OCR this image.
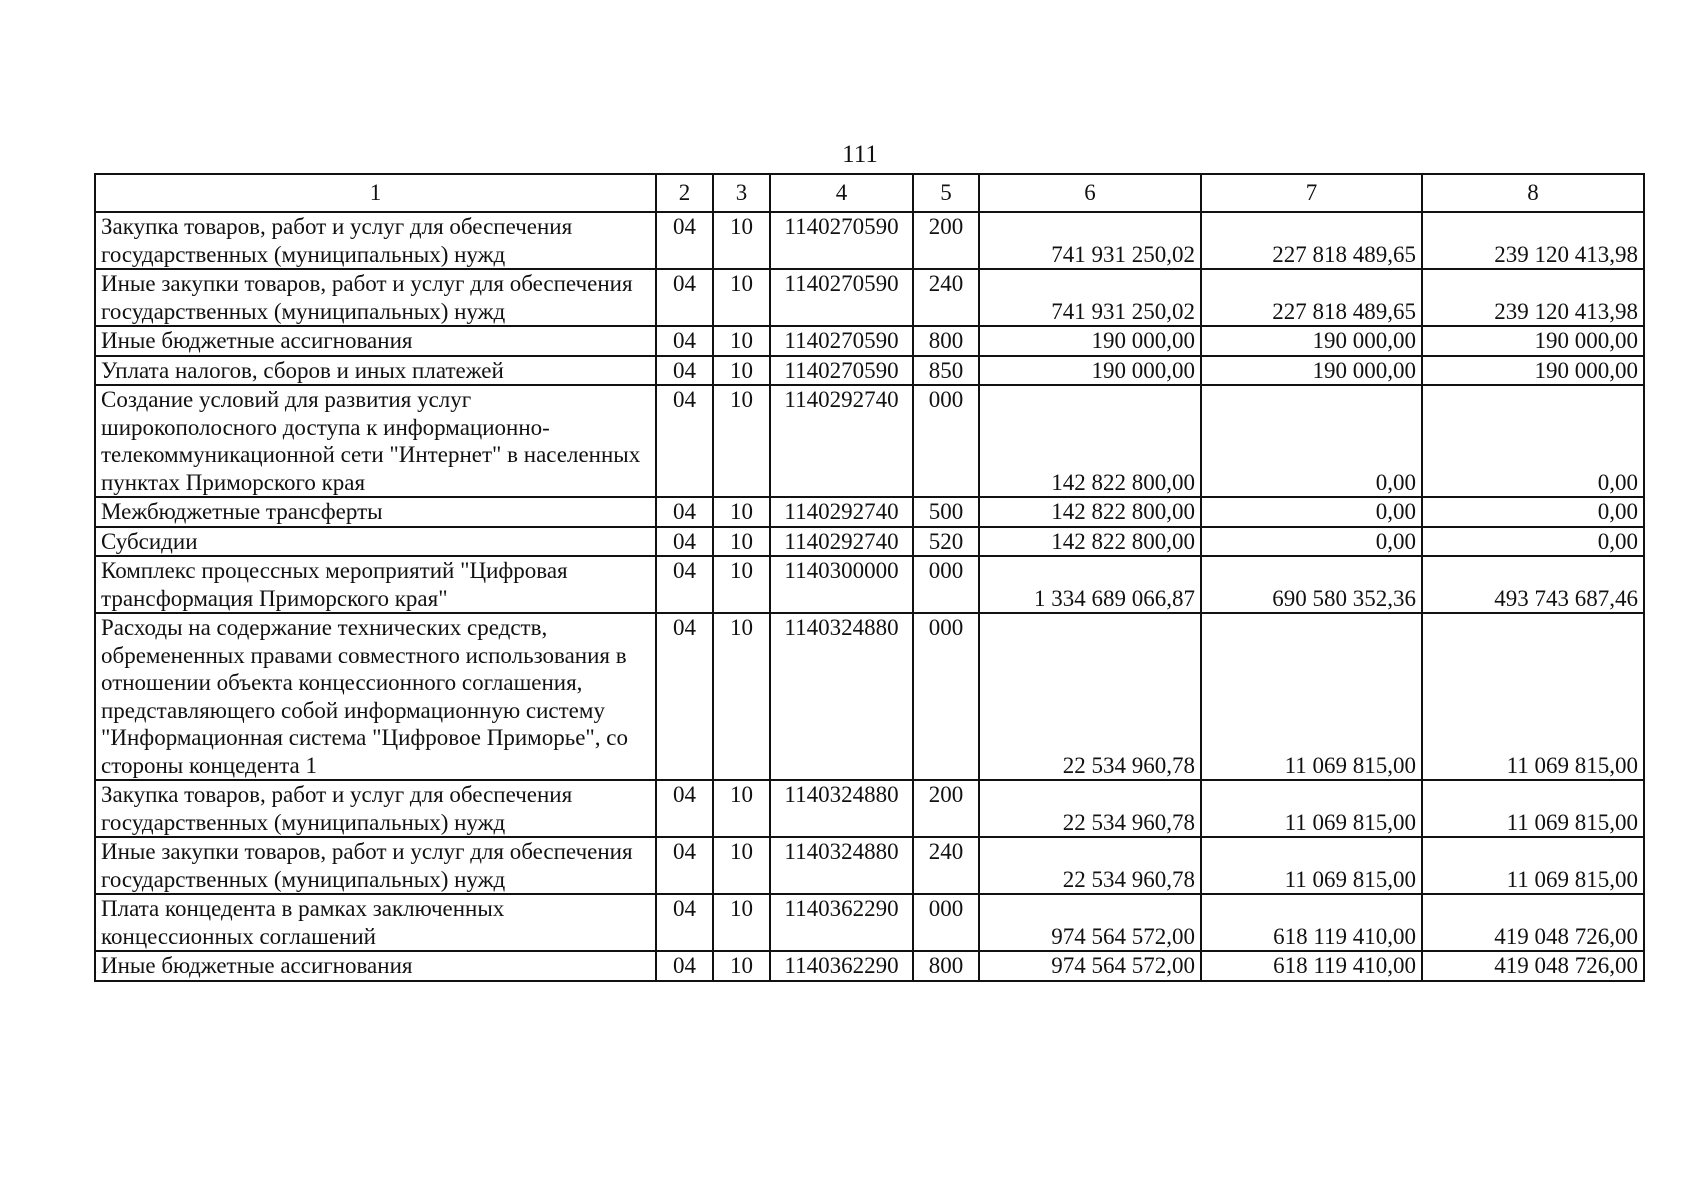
111
1	2	3	4	5	6	7	8
Закупка товаров, работ и услуг для обеспечения государственных (муниципальных) нужд	04	10	1140270590	200	741 931 250,02	227 818 489,65	239 120 413,98
Иные закупки товаров, работ и услуг для обеспечения государственных (муниципальных) нужд	04	10	1140270590	240	741 931 250,02	227 818 489,65	239 120 413,98
Иные бюджетные ассигнования	04	10	1140270590	800	190 000,00	190 000,00	190 000,00
Уплата налогов, сборов и иных платежей	04	10	1140270590	850	190 000,00	190 000,00	190 000,00
Создание условий для развития услуг широкополосного доступа к информационно-телекоммуникационной сети "Интернет" в населенных пунктах Приморского края	04	10	1140292740	000	142 822 800,00	0,00	0,00
Межбюджетные трансферты	04	10	1140292740	500	142 822 800,00	0,00	0,00
Субсидии	04	10	1140292740	520	142 822 800,00	0,00	0,00
Комплекс процессных мероприятий "Цифровая трансформация Приморского края"	04	10	1140300000	000	1 334 689 066,87	690 580 352,36	493 743 687,46
Расходы на содержание технических средств, обремененных правами совместного использования в отношении объекта концессионного соглашения, представляющего собой информационную систему "Информационная система "Цифровое Приморье", со стороны концедента 1	04	10	1140324880	000	22 534 960,78	11 069 815,00	11 069 815,00
Закупка товаров, работ и услуг для обеспечения государственных (муниципальных) нужд	04	10	1140324880	200	22 534 960,78	11 069 815,00	11 069 815,00
Иные закупки товаров, работ и услуг для обеспечения государственных (муниципальных) нужд	04	10	1140324880	240	22 534 960,78	11 069 815,00	11 069 815,00
Плата концедента в рамках заключенных концессионных соглашений	04	10	1140362290	000	974 564 572,00	618 119 410,00	419 048 726,00
Иные бюджетные ассигнования	04	10	1140362290	800	974 564 572,00	618 119 410,00	419 048 726,00
